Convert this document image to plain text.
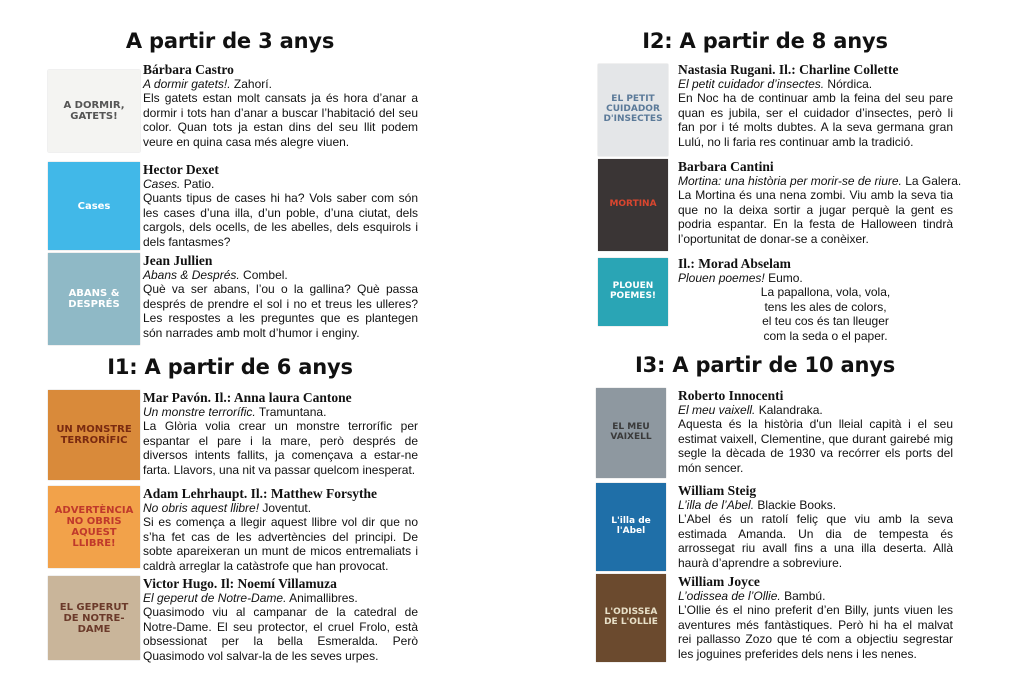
A partir de 3 anys
A DORMIR, GATETS!
Bárbara Castro
A dormir gatets!. Zahorí.
Els gatets estan molt cansats ja és hora d’anar a dormir i tots han d’anar a buscar l’habitació del seu color. Quan tots ja estan dins del seu llit podem veure en quina casa més alegre viuen.
Cases
Hector Dexet
Cases. Patio.
Quants tipus de cases hi ha? Vols saber com són les cases d’una illa, d’un poble, d’una ciutat, dels cargols, dels ocells, de les abelles, dels esquirols i dels fantasmes?
ABANS & DESPRÉS
Jean Jullien
Abans & Després. Combel.
Què va ser abans, l’ou o la gallina? Què passa després de prendre el sol i no et treus les ulleres? Les respostes a les preguntes que es plantegen són narrades amb molt d’humor i enginy.
I1: A partir de 6 anys
UN MONSTRE TERRORÍFIC
Mar Pavón. Il.: Anna laura Cantone
Un monstre terrorífic. Tramuntana.
La Glòria volia crear un monstre terrorífic per espantar el pare i la mare, però després de diversos intents fallits, ja començava a estar-ne farta. Llavors, una nit va passar quelcom inesperat.
ADVERTÈNCIA NO OBRIS AQUEST LLIBRE!
Adam Lehrhaupt. Il.: Matthew Forsythe
No obris aquest llibre! Joventut.
Si es comença a llegir aquest llibre vol dir que no s’ha fet cas de les advertències del principi. De sobte apareixeran un munt de micos entremaliats i caldrà arreglar la catàstrofe que han provocat.
EL GEPERUT DE NOTRE-DAME
Victor Hugo. Il: Noemí Villamuza
El geperut de Notre-Dame. Animallibres.
Quasimodo viu al campanar de la catedral de Notre-Dame. El seu protector, el cruel Frolo, està obsessionat per la bella Esmeralda. Però Quasimodo vol salvar-la de les seves urpes.
I2: A partir de 8 anys
EL PETIT CUIDADOR D'INSECTES
Nastasia Rugani. Il.: Charline Collette
El petit cuidador d’insectes. Nórdica.
En Noc ha de continuar amb la feina del seu pare quan es jubila, ser el cuidador d’insectes, però li fan por i té molts dubtes. A la seva germana gran Lulú, no li faria res continuar amb la tradició.
MORTINA
Barbara Cantini
Mortina: una història per morir-se de riure. La Galera.
La Mortina és una nena zombi. Viu amb la seva tia que no la deixa sortir a jugar perquè la gent es podria espantar. En la festa de Halloween tindrà l’oportunitat de donar-se a conèixer.
PLOUEN POEMES!
Il.: Morad Abselam
Plouen poemes! Eumo.
La papallona, vola, vola,
tens les ales de colors,
el teu cos és tan lleuger
com la seda o el paper.
I3: A partir de 10 anys
EL MEU VAIXELL
Roberto Innocenti
El meu vaixell. Kalandraka.
Aquesta és la història d'un lleial capità i el seu estimat vaixell, Clementine, que durant gairebé mig segle la dècada de 1930 va recórrer els ports del món sencer.
L'illa de l'Abel
William Steig
L’illa de l’Abel. Blackie Books.
L’Abel és un ratolí feliç que viu amb la seva estimada Amanda. Un dia de tempesta és arrossegat riu avall fins a una illa deserta. Allà haurà d’aprendre a sobreviure.
L'ODISSEA DE L'OLLIE
William Joyce
L’odissea de l’Ollie. Bambú.
L’Ollie és el nino preferit d’en Billy, junts viuen les aventures més fantàstiques. Però hi ha el malvat rei pallasso Zozo que té com a objectiu segrestar les joguines preferides dels nens i les nenes.
